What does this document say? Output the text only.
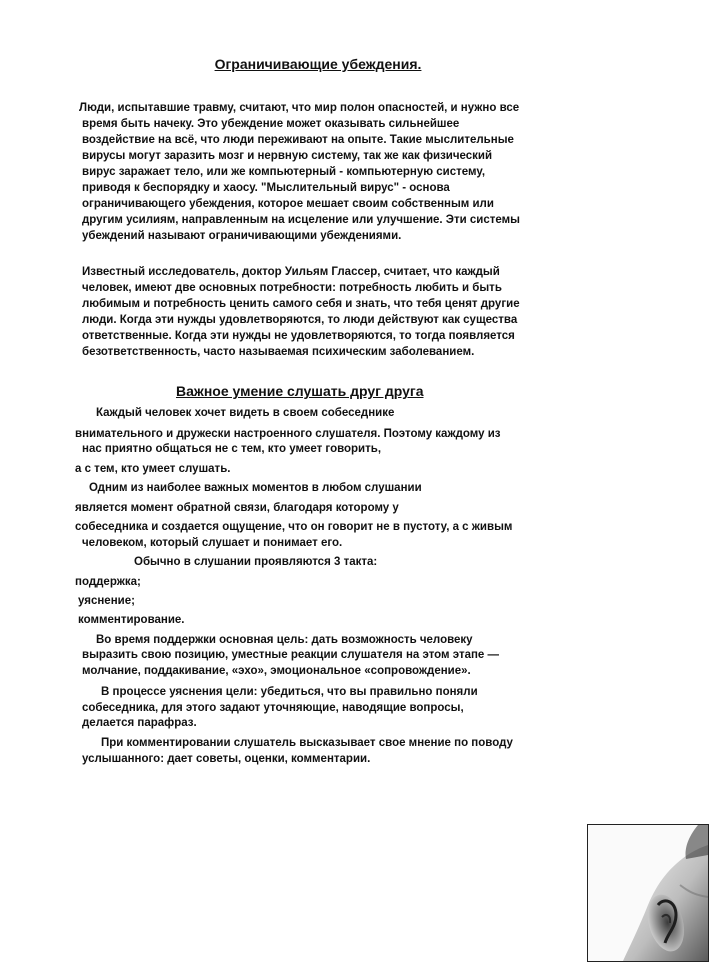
Ограничивающие убеждения.
Люди, испытавшие травму, считают, что мир полон опасностей, и нужно все
время быть начеку. Это убеждение может оказывать сильнейшее
воздействие на всё, что люди переживают на опыте. Такие мыслительные
вирусы могут заразить мозг и нервную систему, так же как физический
вирус заражает тело, или же компьютерный - компьютерную систему,
приводя к беспорядку и хаосу. "Мыслительный вирус" - основа
ограничивающего убеждения, которое мешает своим собственным или
другим усилиям, направленным на исцеление или улучшение. Эти системы
убеждений называют ограничивающими убеждениями.
Известный исследователь, доктор Уильям Глассер, считает, что каждый
человек, имеют две основных потребности: потребность любить и быть
любимым и потребность ценить самого себя и знать, что тебя ценят другие
люди. Когда эти нужды удовлетворяются, то люди действуют как существа
ответственные. Когда эти нужды не удовлетворяются, то тогда появляется
безответственность, часто называемая психическим заболеванием.
Важное умение слушать друг друга

Каждый человек хочет видеть в своем собеседнике

внимательного и дружески настроенного слушателя. Поэтому каждому из

нас приятно общаться не с тем, кто умеет говорить,

а с тем, кто умеет слушать.

Одним из наиболее важных моментов в любом слушании

является момент обратной связи, благодаря которому у

собеседника и создается ощущение, что он говорит не в пустоту, а с живым

человеком, который слушает и понимает его.

Обычно в слушании проявляются 3 такта:

поддержка;

уяснение;

комментирование.

Во время поддержки основная цель: дать возможность человеку

выразить свою позицию, уместные реакции слушателя на этом этапе —

молчание, поддакивание, «эхо», эмоциональное «сопровождение».

В процессе уяснения цели: убедиться, что вы правильно поняли

собеседника, для этого задают уточняющие, наводящие вопросы,

делается парафраз.

При комментировании слушатель высказывает свое мнение по поводу

услышанного: дает советы, оценки, комментарии.
